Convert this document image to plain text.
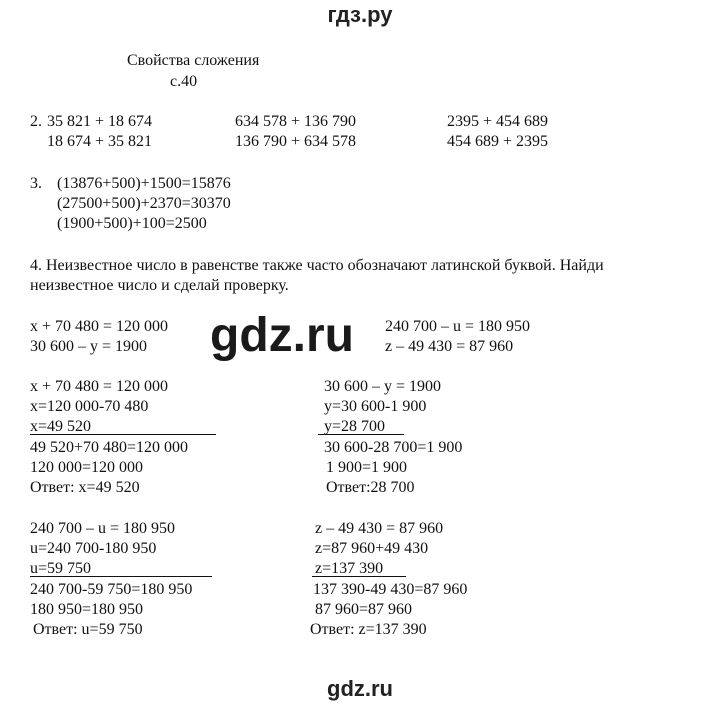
гдз.ру
Свойства сложения
с.40
2. 35 821 + 18 674
18 674 + 35 821
634 578 + 136 790
136 790 + 634 578
2395 + 454 689
454 689 + 2395
3. (13876+500)+1500=15876
(27500+500)+2370=30370
(1900+500)+100=2500
4. Неизвестное число в равенстве также часто обозначают латинской буквой. Найди
неизвестное число и сделай проверку.
x + 70 480 = 120 000
30 600 – y = 1900
240 700 – u = 180 950
z – 49 430 = 87 960
gdz.ru
x + 70 480 = 120 000
x=120 000-70 480
x=49 520
49 520+70 480=120 000
120 000=120 000
Ответ: x=49 520
30 600 – y = 1900
y=30 600-1 900
y=28 700
30 600-28 700=1 900
1 900=1 900
Ответ:28 700
240 700 – u = 180 950
u=240 700-180 950
u=59 750
240 700-59 750=180 950
180 950=180 950
Ответ: u=59 750
z – 49 430 = 87 960
z=87 960+49 430
z=137 390
137 390-49 430=87 960
87 960=87 960
Ответ: z=137 390
gdz.ru
